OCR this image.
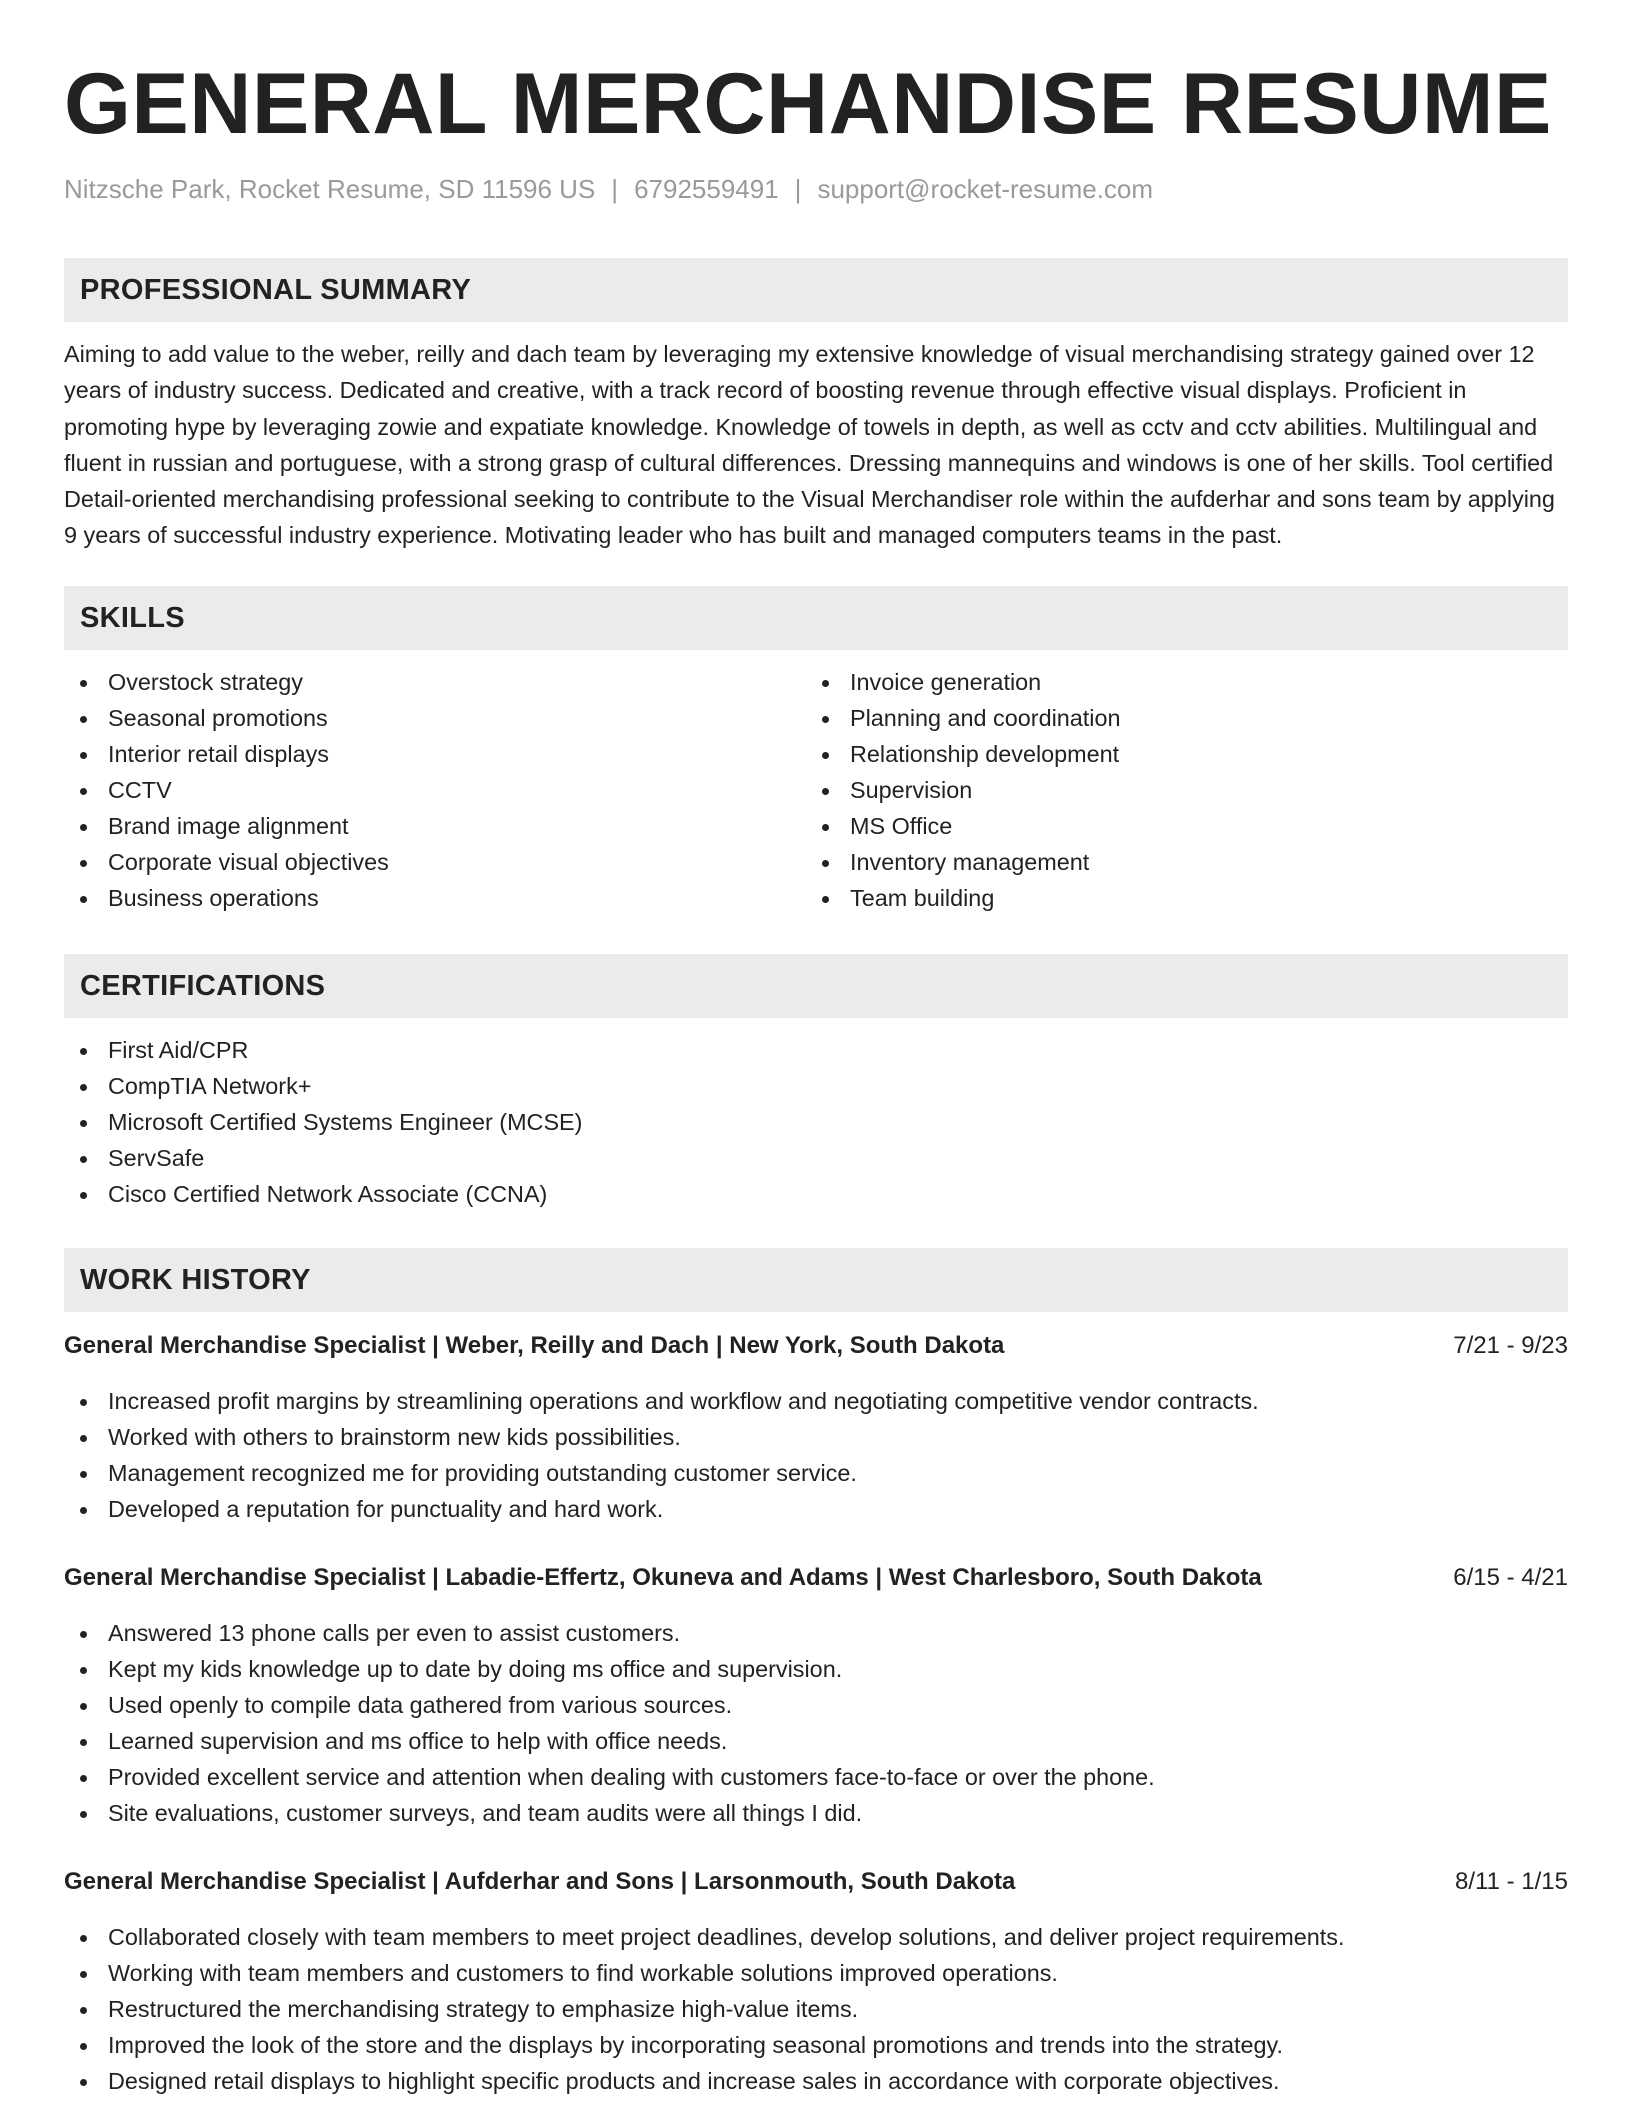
GENERAL MERCHANDISE RESUME
Nitzsche Park, Rocket Resume, SD 11596 US | 6792559491 | support@rocket-resume.com
PROFESSIONAL SUMMARY

Aiming to add value to the weber, reilly and dach team by leveraging my extensive knowledge of visual merchandising strategy gained over 12 years of industry success. Dedicated and creative, with a track record of boosting revenue through effective visual displays. Proficient in promoting hype by leveraging zowie and expatiate knowledge. Knowledge of towels in depth, as well as cctv and cctv abilities. Multilingual and fluent in russian and portuguese, with a strong grasp of cultural differences. Dressing mannequins and windows is one of her skills. Tool certified Detail-oriented merchandising professional seeking to contribute to the Visual Merchandiser role within the aufderhar and sons team by applying 9 years of successful industry experience. Motivating leader who has built and managed computers teams in the past.

SKILLS
Overstock strategy
Seasonal promotions
Interior retail displays
CCTV
Brand image alignment
Corporate visual objectives
Business operations
Invoice generation
Planning and coordination
Relationship development
Supervision
MS Office
Inventory management
Team building
CERTIFICATIONS
First Aid/CPR
CompTIA Network+
Microsoft Certified Systems Engineer (MCSE)
ServSafe
Cisco Certified Network Associate (CCNA)
WORK HISTORY
General Merchandise Specialist | Weber, Reilly and Dach | New York, South Dakota	7/21 - 9/23
Increased profit margins by streamlining operations and workflow and negotiating competitive vendor contracts.
Worked with others to brainstorm new kids possibilities.
Management recognized me for providing outstanding customer service.
Developed a reputation for punctuality and hard work.
General Merchandise Specialist | Labadie-Effertz, Okuneva and Adams | West Charlesboro, South Dakota	6/15 - 4/21
Answered 13 phone calls per even to assist customers.
Kept my kids knowledge up to date by doing ms office and supervision.
Used openly to compile data gathered from various sources.
Learned supervision and ms office to help with office needs.
Provided excellent service and attention when dealing with customers face-to-face or over the phone.
Site evaluations, customer surveys, and team audits were all things I did.
General Merchandise Specialist | Aufderhar and Sons | Larsonmouth, South Dakota	8/11 - 1/15
Collaborated closely with team members to meet project deadlines, develop solutions, and deliver project requirements.
Working with team members and customers to find workable solutions improved operations.
Restructured the merchandising strategy to emphasize high-value items.
Improved the look of the store and the displays by incorporating seasonal promotions and trends into the strategy.
Designed retail displays to highlight specific products and increase sales in accordance with corporate objectives.
